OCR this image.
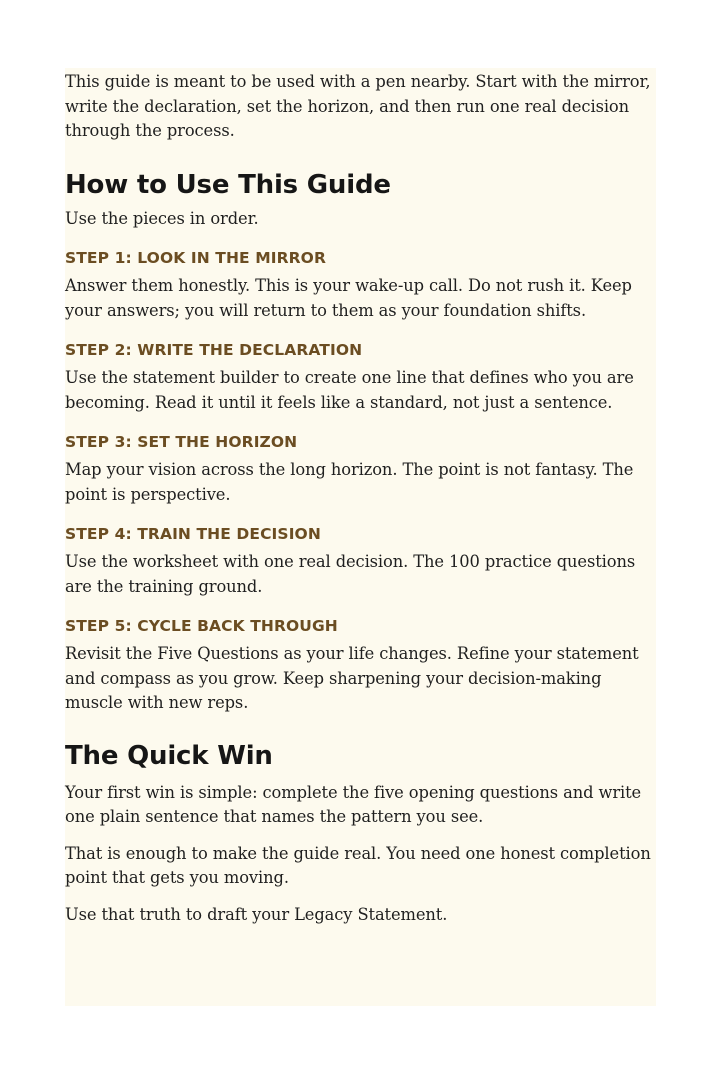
This guide is meant to be used with a pen nearby. Start with the mirror, write the declaration, set the horizon, and then run one real decision through the process.

How to Use This Guide

Use the pieces in order.

STEP 1: LOOK IN THE MIRROR

Answer them honestly. This is your wake-up call. Do not rush it. Keep your answers; you will return to them as your foundation shifts.

STEP 2: WRITE THE DECLARATION

Use the statement builder to create one line that defines who you are becoming. Read it until it feels like a standard, not just a sentence.

STEP 3: SET THE HORIZON

Map your vision across the long horizon. The point is not fantasy. The point is perspective.

STEP 4: TRAIN THE DECISION

Use the worksheet with one real decision. The 100 practice questions are the training ground.

STEP 5: CYCLE BACK THROUGH

Revisit the Five Questions as your life changes. Refine your statement and compass as you grow. Keep sharpening your decision-making muscle with new reps.

The Quick Win

Your first win is simple: complete the five opening questions and write one plain sentence that names the pattern you see.

That is enough to make the guide real. You need one honest completion point that gets you moving.

Use that truth to draft your Legacy Statement.
